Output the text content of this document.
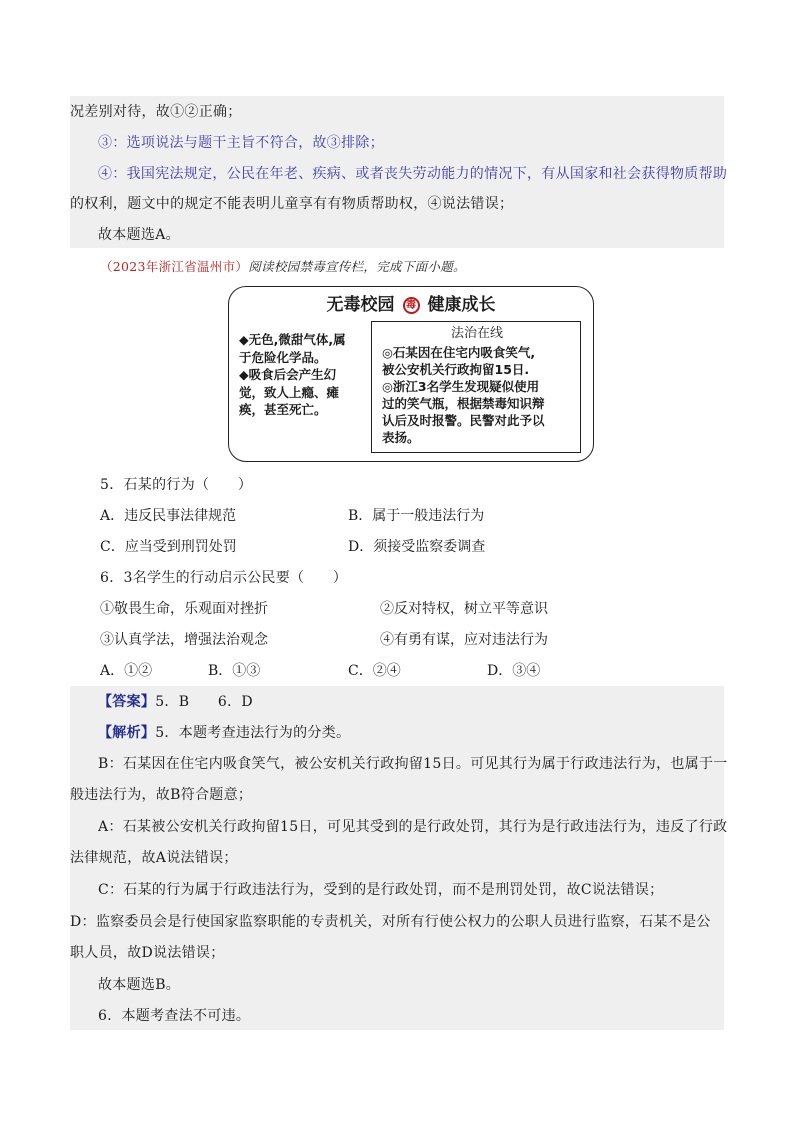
况差别对待，故①②正确；
③：选项说法与题干主旨不符合，故③排除；
④：我国宪法规定，公民在年老、疾病、或者丧失劳动能力的情况下，有从国家和社会获得物质帮助
的权利，题文中的规定不能表明儿童享有有物质帮助权，④说法错误；
故本题选A。
（2023年浙江省温州市）阅读校园禁毒宣传栏，完成下面小题。
无毒校园 毒 健康成长
◆无色,微甜气体,属
于危险化学品。
◆吸食后会产生幻
觉，致人上瘾、瘫
痪，甚至死亡。
法治在线
◎石某因在住宅内吸食笑气,
被公安机关行政拘留15日.
◎浙江3名学生发现疑似使用
过的笑气瓶，根据禁毒知识辩
认后及时报警。民警对此予以
表扬。
5．石某的行为（　　）
A．违反民事法律规范	B．属于一般违法行为
C．应当受到刑罚处罚	D．须接受监察委调查
6．3名学生的行动启示公民要（　　）
①敬畏生命，乐观面对挫折	②反对特权，树立平等意识
③认真学法，增强法治观念	④有勇有谋，应对违法行为
A．①②	B．①③	C．②④	D．③④
【答案】5．B　　6．D
【解析】5．本题考查违法行为的分类。
B：石某因在住宅内吸食笑气，被公安机关行政拘留15日。可见其行为属于行政违法行为，也属于一
般违法行为，故B符合题意；
A：石某被公安机关行政拘留15日，可见其受到的是行政处罚，其行为是行政违法行为，违反了行政
法律规范，故A说法错误；
C：石某的行为属于行政违法行为，受到的是行政处罚，而不是刑罚处罚，故C说法错误；
D：监察委员会是行使国家监察职能的专责机关，对所有行使公权力的公职人员进行监察，石某不是公
职人员，故D说法错误；
故本题选B。
6．本题考查法不可违。
